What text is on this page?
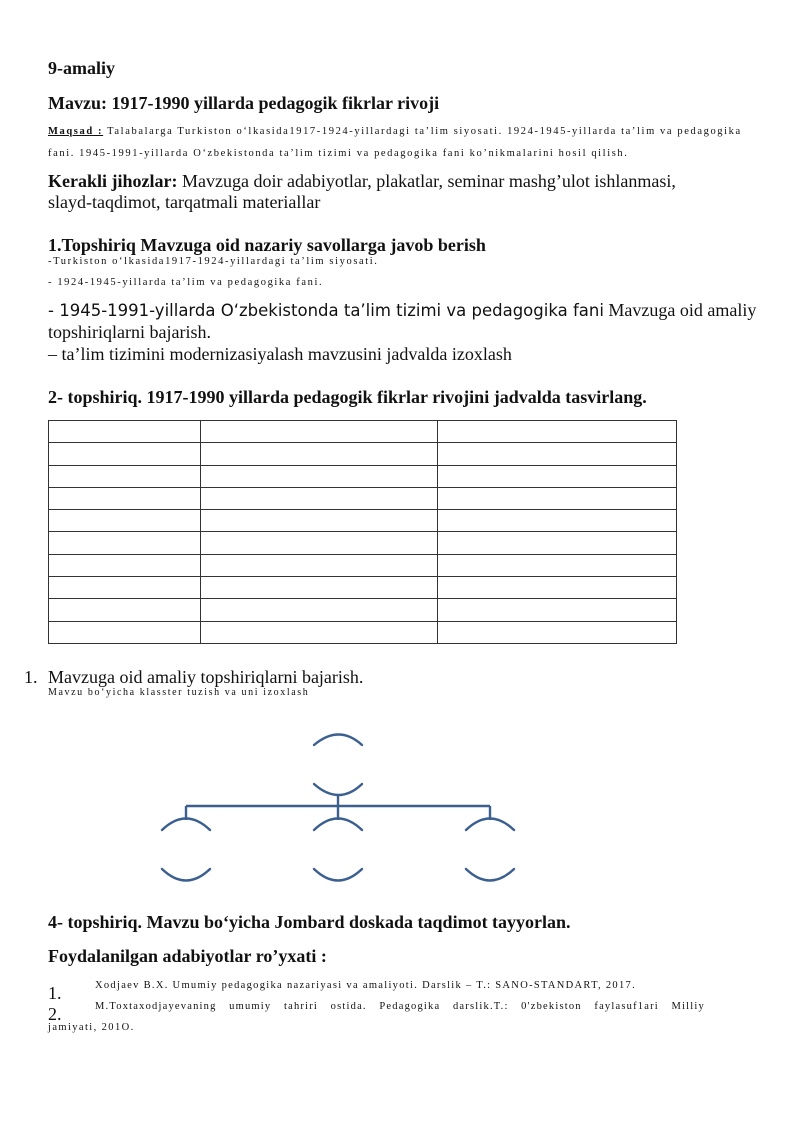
9-amaliy
Mavzu: 1917-1990 yillarda pedagogik fikrlar rivoji
Maqsad : Talabalarga Turkiston o‘lkasida1917-1924-yillardagi ta’lim siyosati. 1924-1945-yillarda ta’lim va pedagogika
fani. 1945-1991-yillarda O‘zbekistonda ta’lim tizimi va pedagogika fani ko’nikmalarini hosil qilish.
Kerakli jihozlar: Mavzuga doir adabiyotlar, plakatlar, seminar mashg’ulot ishlanmasi,
slayd-taqdimot, tarqatmali materiallar
1.Topshiriq Mavzuga oid nazariy savollarga javob berish
-Turkiston o‘lkasida1917-1924-yillardagi ta’lim siyosati.
- 1924-1945-yillarda ta’lim va pedagogika fani.
- 1945-1991-yillarda O‘zbekistonda ta’lim tizimi va pedagogika fani Mavzuga oid amaliy
topshiriqlarni bajarish.
– ta’lim tizimini modernizasiyalash mavzusini jadvalda izoxlash
2- topshiriq. 1917-1990 yillarda pedagogik fikrlar rivojini jadvalda tasvirlang.

1. Mavzuga oid amaliy topshiriqlarni bajarish.
Mavzu bo‘yicha klasster tuzish va uni izoxlash
4- topshiriq. Mavzu bo‘yicha Jombard doskada taqdimot tayyorlan.
Foydalanilgan adabiyotlar ro’yxati :
1.	Xodjaev B.X. Umumiy pedagogika nazariyasi va amaliyoti. Darslik – T.: SANO-STANDART, 2017.
2.	M.Toxtaxodjayevaning umumiy tahriri ostida. Pedagogika darslik.T.: 0'zbekiston faylasuf1ari Milliy
jamiyati, 201O.
